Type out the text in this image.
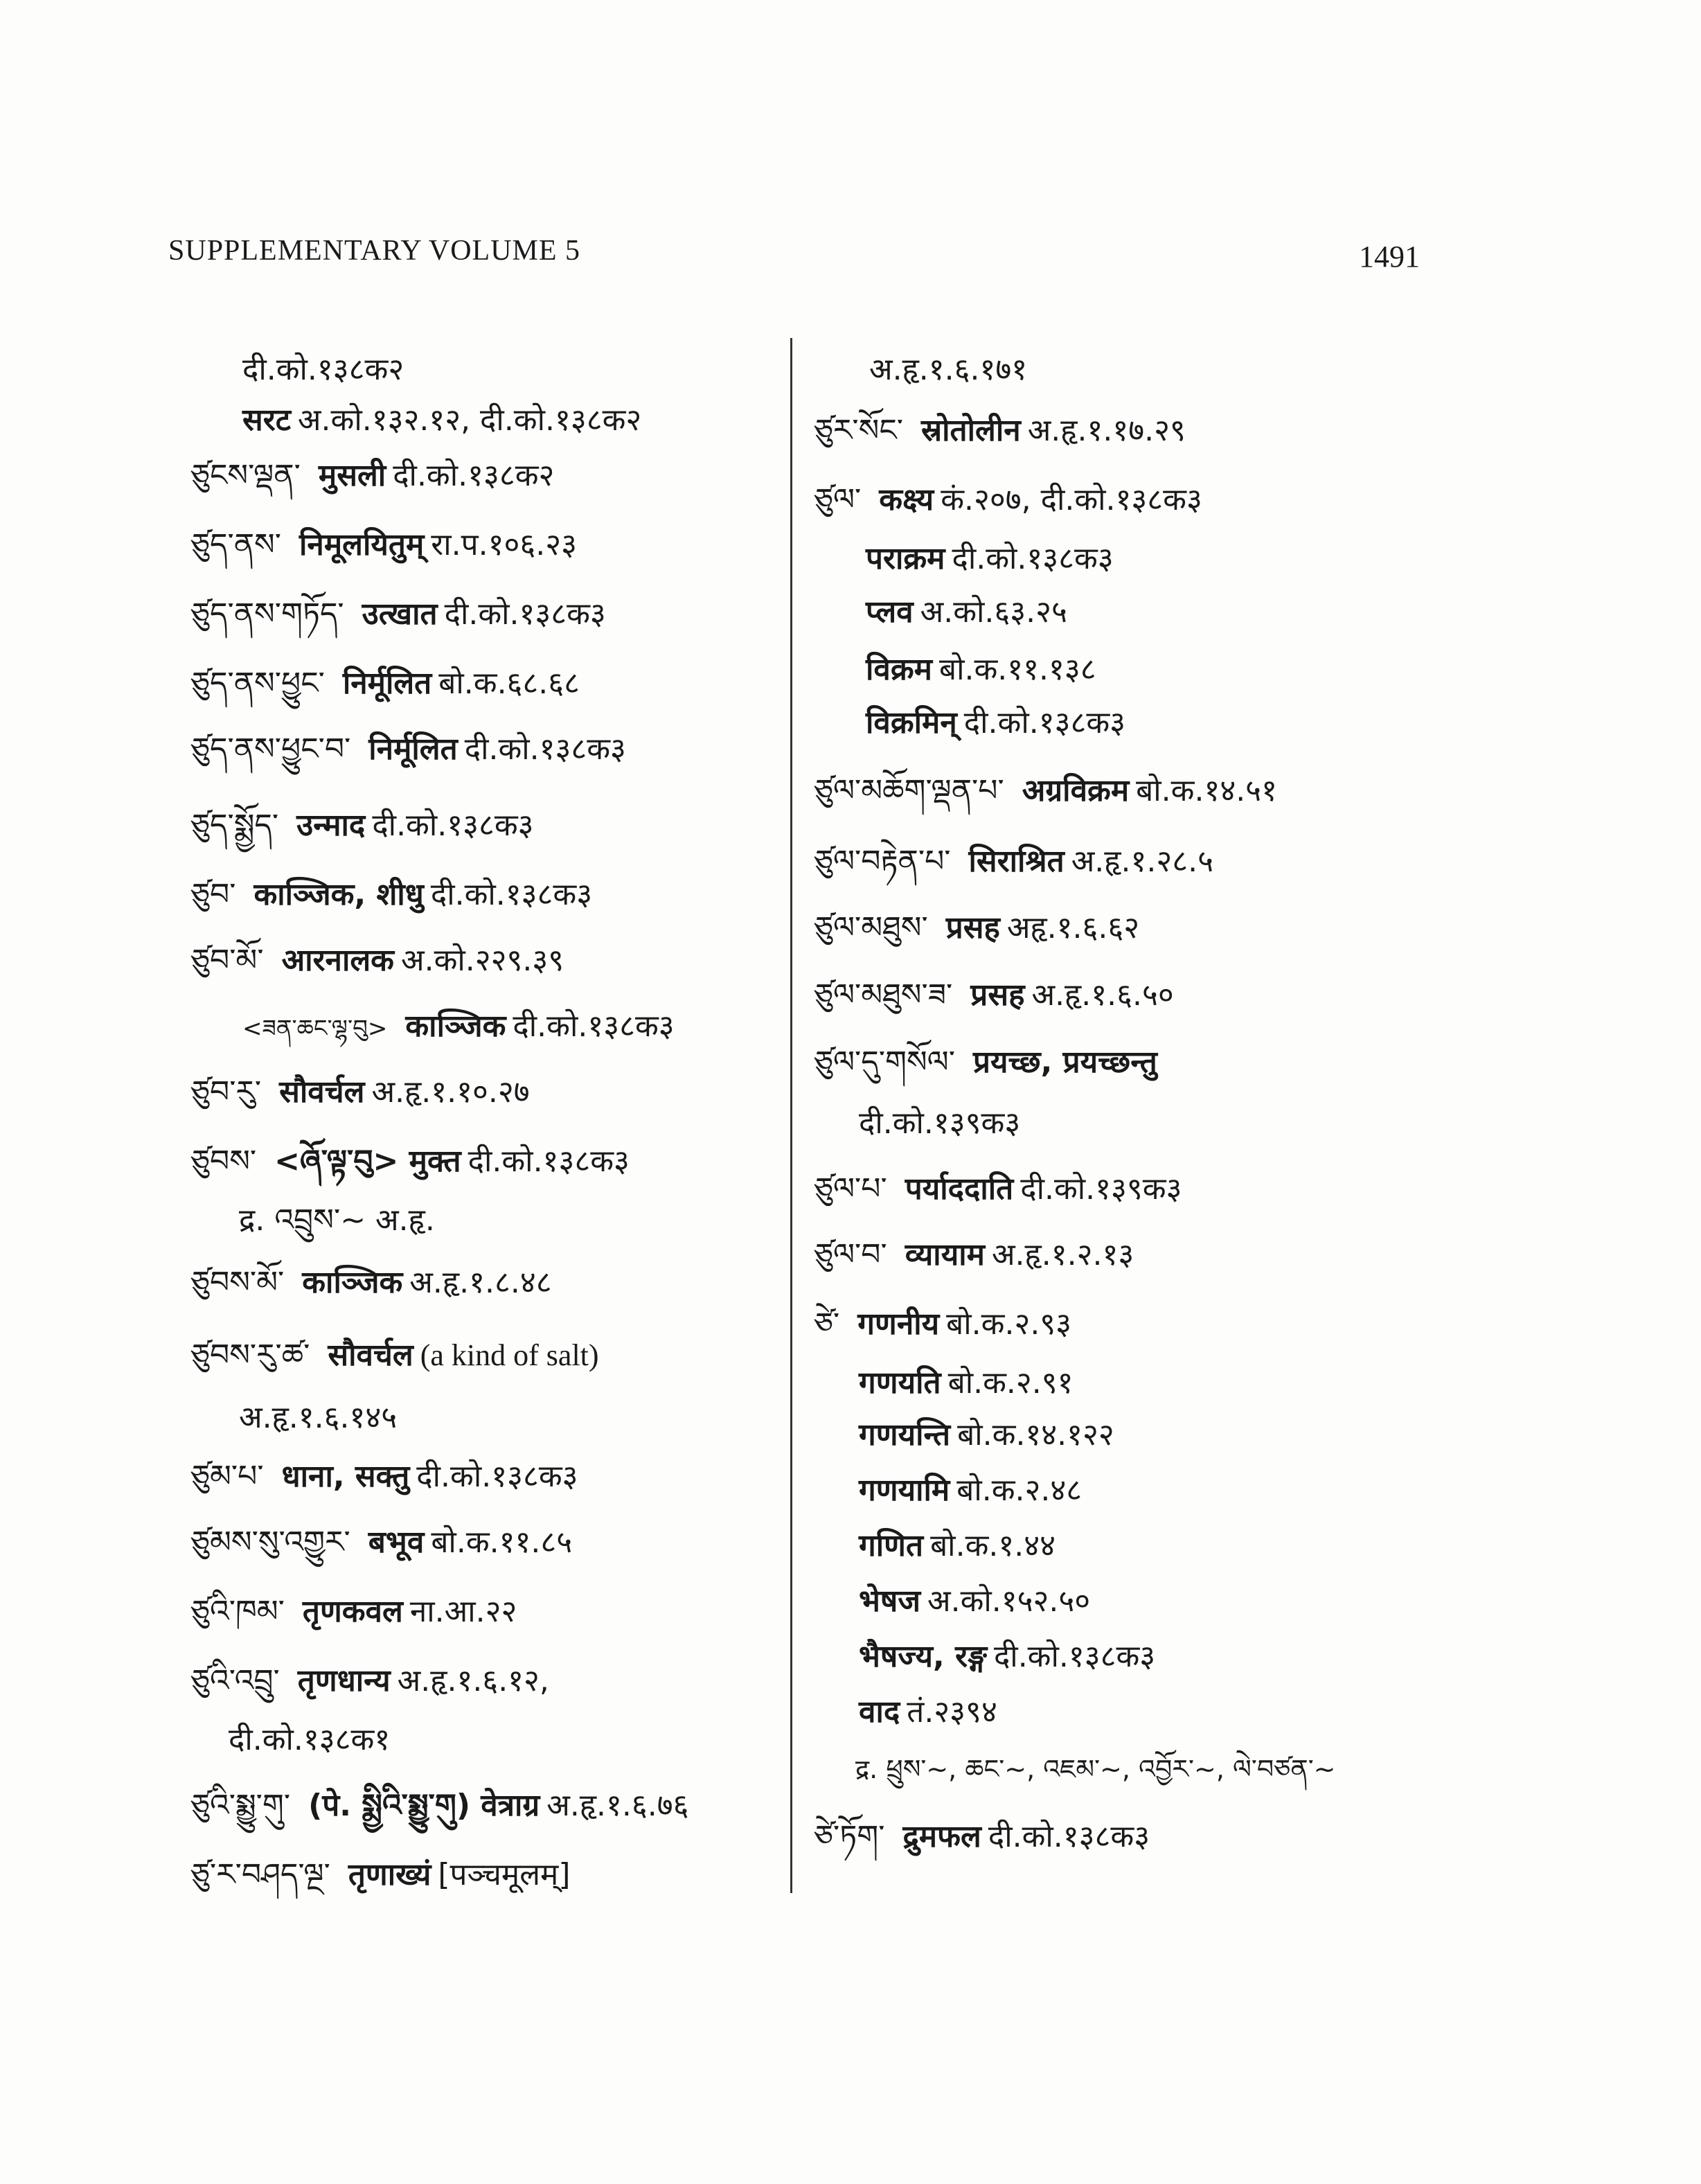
SUPPLEMENTARY VOLUME 5	1491
दी.को.१३८क२
सरट अ.को.१३२.१२, दी.को.१३८क२
ཙུངས་ལྡན་ मुसली दी.को.१३८क२
ཙུད་ནས་ निमूलयितुम् रा.प.१०६.२३
ཙུད་ནས་གཏོད་ उत्खात दी.को.१३८क३
ཙུད་ནས་ཕྱུང་ निर्मूलित बो.क.६८.६८
ཙུད་ནས་ཕྱུང་བ་ निर्मूलित दी.को.१३८क३
ཙུད་སྨྱོད་ उन्माद दी.को.१३८क३
ཙུབ་ काञ्जिक, शीधु दी.को.१३८क३
ཙུབ་མོ་ आरनालक अ.को.२२९.३९
<ཟན་ཆང་ལྷ་བུ> काञ्जिक दी.को.१३८क३
ཙུབ་རུ་ सौवर्चल अ.हृ.१.१०.२७
ཙུབས་ <ཞོ་ལྟ་བུ> मुक्त दी.को.१३८क३
द्र. འབྲུས་~ अ.हृ.
ཙུབས་མོ་ काञ्जिक अ.हृ.१.८.४८
ཙུབས་རུ་ཚ་ सौवर्चल (a kind of salt)
अ.हृ.१.६.१४५
ཙུམ་པ་ धाना, सक्तु दी.को.१३८क३
ཙུམས་སུ་འགྱུར་ बभूव बो.क.११.८५
ཙུའི་ཁམ་ तृणकवल ना.आ.२२
ཙུའི་འབྲུ་ तृणधान्य अ.हृ.१.६.१२,
दी.को.१३८क१
ཙུའི་སྨྱུ་གུ་ (पे. སྨྱིའི་སྨྱུ་གུ) वेत्राग्र अ.हृ.१.६.७६
ཙུ་ར་བཤད་ལྔ་ तृणाख्यं [पञ्चमूलम्]
अ.हृ.१.६.१७१
ཙུར་སོང་ स्रोतोलीन अ.हृ.१.१७.२९
ཙུལ་ कक्ष्य कं.२०७, दी.को.१३८क३
पराक्रम दी.को.१३८क३
प्लव अ.को.६३.२५
विक्रम बो.क.११.१३८
विक्रमिन् दी.को.१३८क३
ཙུལ་མཆོག་ལྡན་པ་ अग्रविक्रम बो.क.१४.५१
ཙུལ་བརྟེན་པ་ सिराश्रित अ.हृ.१.२८.५
ཙུལ་མཐུས་ प्रसह अहृ.१.६.६२
ཙུལ་མཐུས་ཟ་ प्रसह अ.हृ.१.६.५०
ཙུལ་དུ་གསོལ་ प्रयच्छ, प्रयच्छन्तु
दी.को.१३९क३
ཙུལ་པ་ पर्याददाति दी.को.१३९क३
ཙུལ་བ་ व्यायाम अ.हृ.१.२.१३
ཙེ་ गणनीय बो.क.२.९३
गणयति बो.क.२.९१
गणयन्ति बो.क.१४.१२२
गणयामि बो.क.२.४८
गणित बो.क.१.४४
भेषज अ.को.१५२.५०
भैषज्य, रङ्ग दी.को.१३८क३
वाद तं.२३९४
द्र. ཕྲུས་~, ཆང་~, འཇམ་~, འབྱོར་~, ལེ་བཙན་~
ཙེ་ཏོག་ द्रुमफल दी.को.१३८क३
